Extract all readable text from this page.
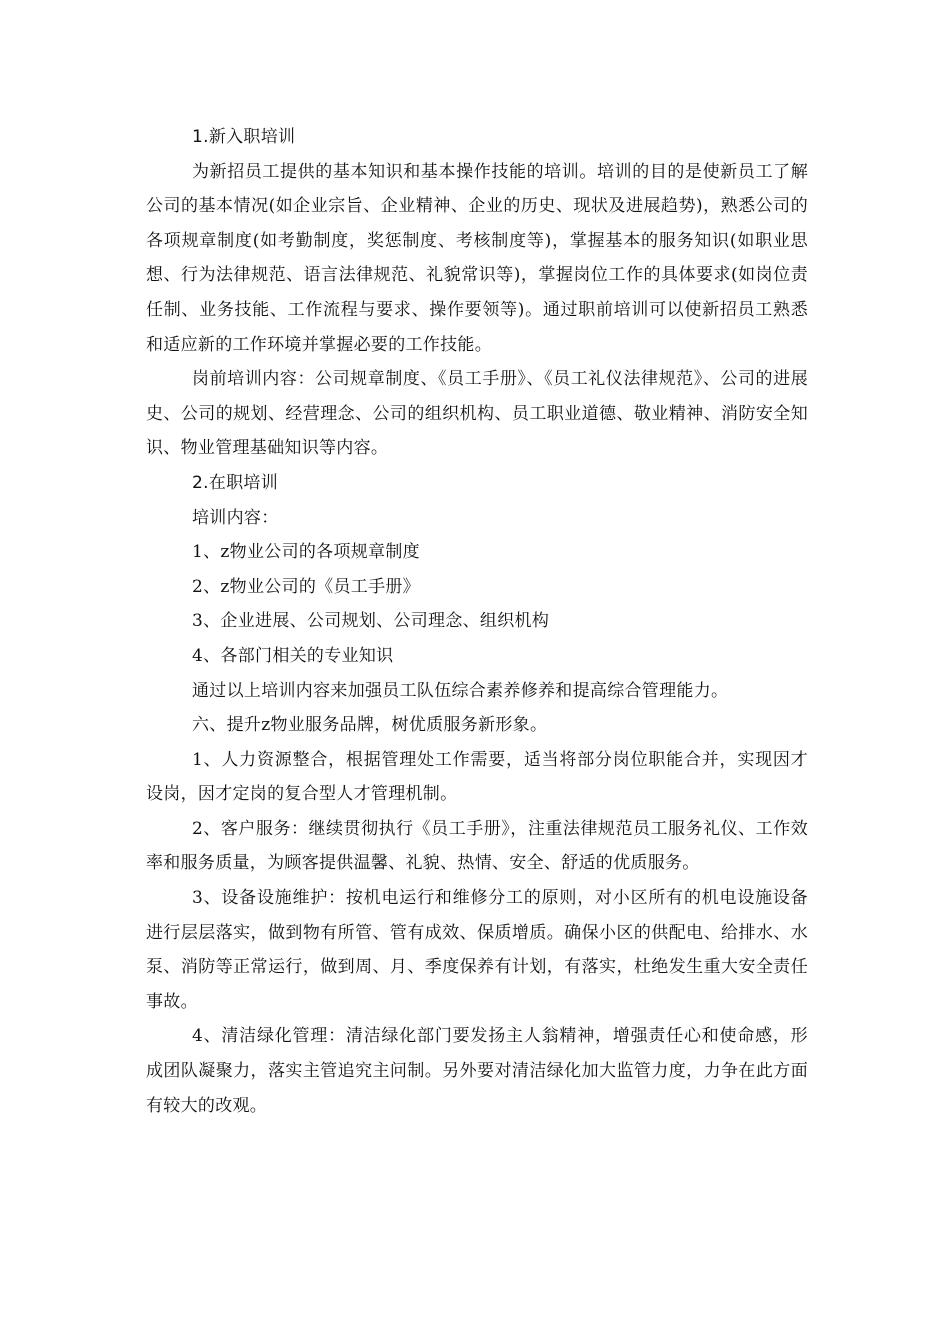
1.新入职培训

为新招员工提供的基本知识和基本操作技能的培训。培训的目的是使新员工了解公司的基本情况(如企业宗旨、企业精神、企业的历史、现状及进展趋势)，熟悉公司的各项规章制度(如考勤制度，奖惩制度、考核制度等)，掌握基本的服务知识(如职业思想、行为法律规范、语言法律规范、礼貌常识等)，掌握岗位工作的具体要求(如岗位责任制、业务技能、工作流程与要求、操作要领等)。通过职前培训可以使新招员工熟悉和适应新的工作环境并掌握必要的工作技能。

岗前培训内容：公司规章制度、《员工手册》、《员工礼仪法律规范》、公司的进展史、公司的规划、经营理念、公司的组织机构、员工职业道德、敬业精神、消防安全知识、物业管理基础知识等内容。

2.在职培训

培训内容：

1、z物业公司的各项规章制度

2、z物业公司的《员工手册》

3、企业进展、公司规划、公司理念、组织机构

4、各部门相关的专业知识

通过以上培训内容来加强员工队伍综合素养修养和提高综合管理能力。

六、提升z物业服务品牌，树优质服务新形象。

1、人力资源整合，根据管理处工作需要，适当将部分岗位职能合并，实现因才设岗，因才定岗的复合型人才管理机制。

2、客户服务：继续贯彻执行《员工手册》，注重法律规范员工服务礼仪、工作效率和服务质量，为顾客提供温馨、礼貌、热情、安全、舒适的优质服务。

3、设备设施维护：按机电运行和维修分工的原则，对小区所有的机电设施设备进行层层落实，做到物有所管、管有成效、保质增质。确保小区的供配电、给排水、水泵、消防等正常运行，做到周、月、季度保养有计划，有落实，杜绝发生重大安全责任事故。

4、清洁绿化管理：清洁绿化部门要发扬主人翁精神，增强责任心和使命感，形成团队凝聚力，落实主管追究主问制。另外要对清洁绿化加大监管力度，力争在此方面有较大的改观。
